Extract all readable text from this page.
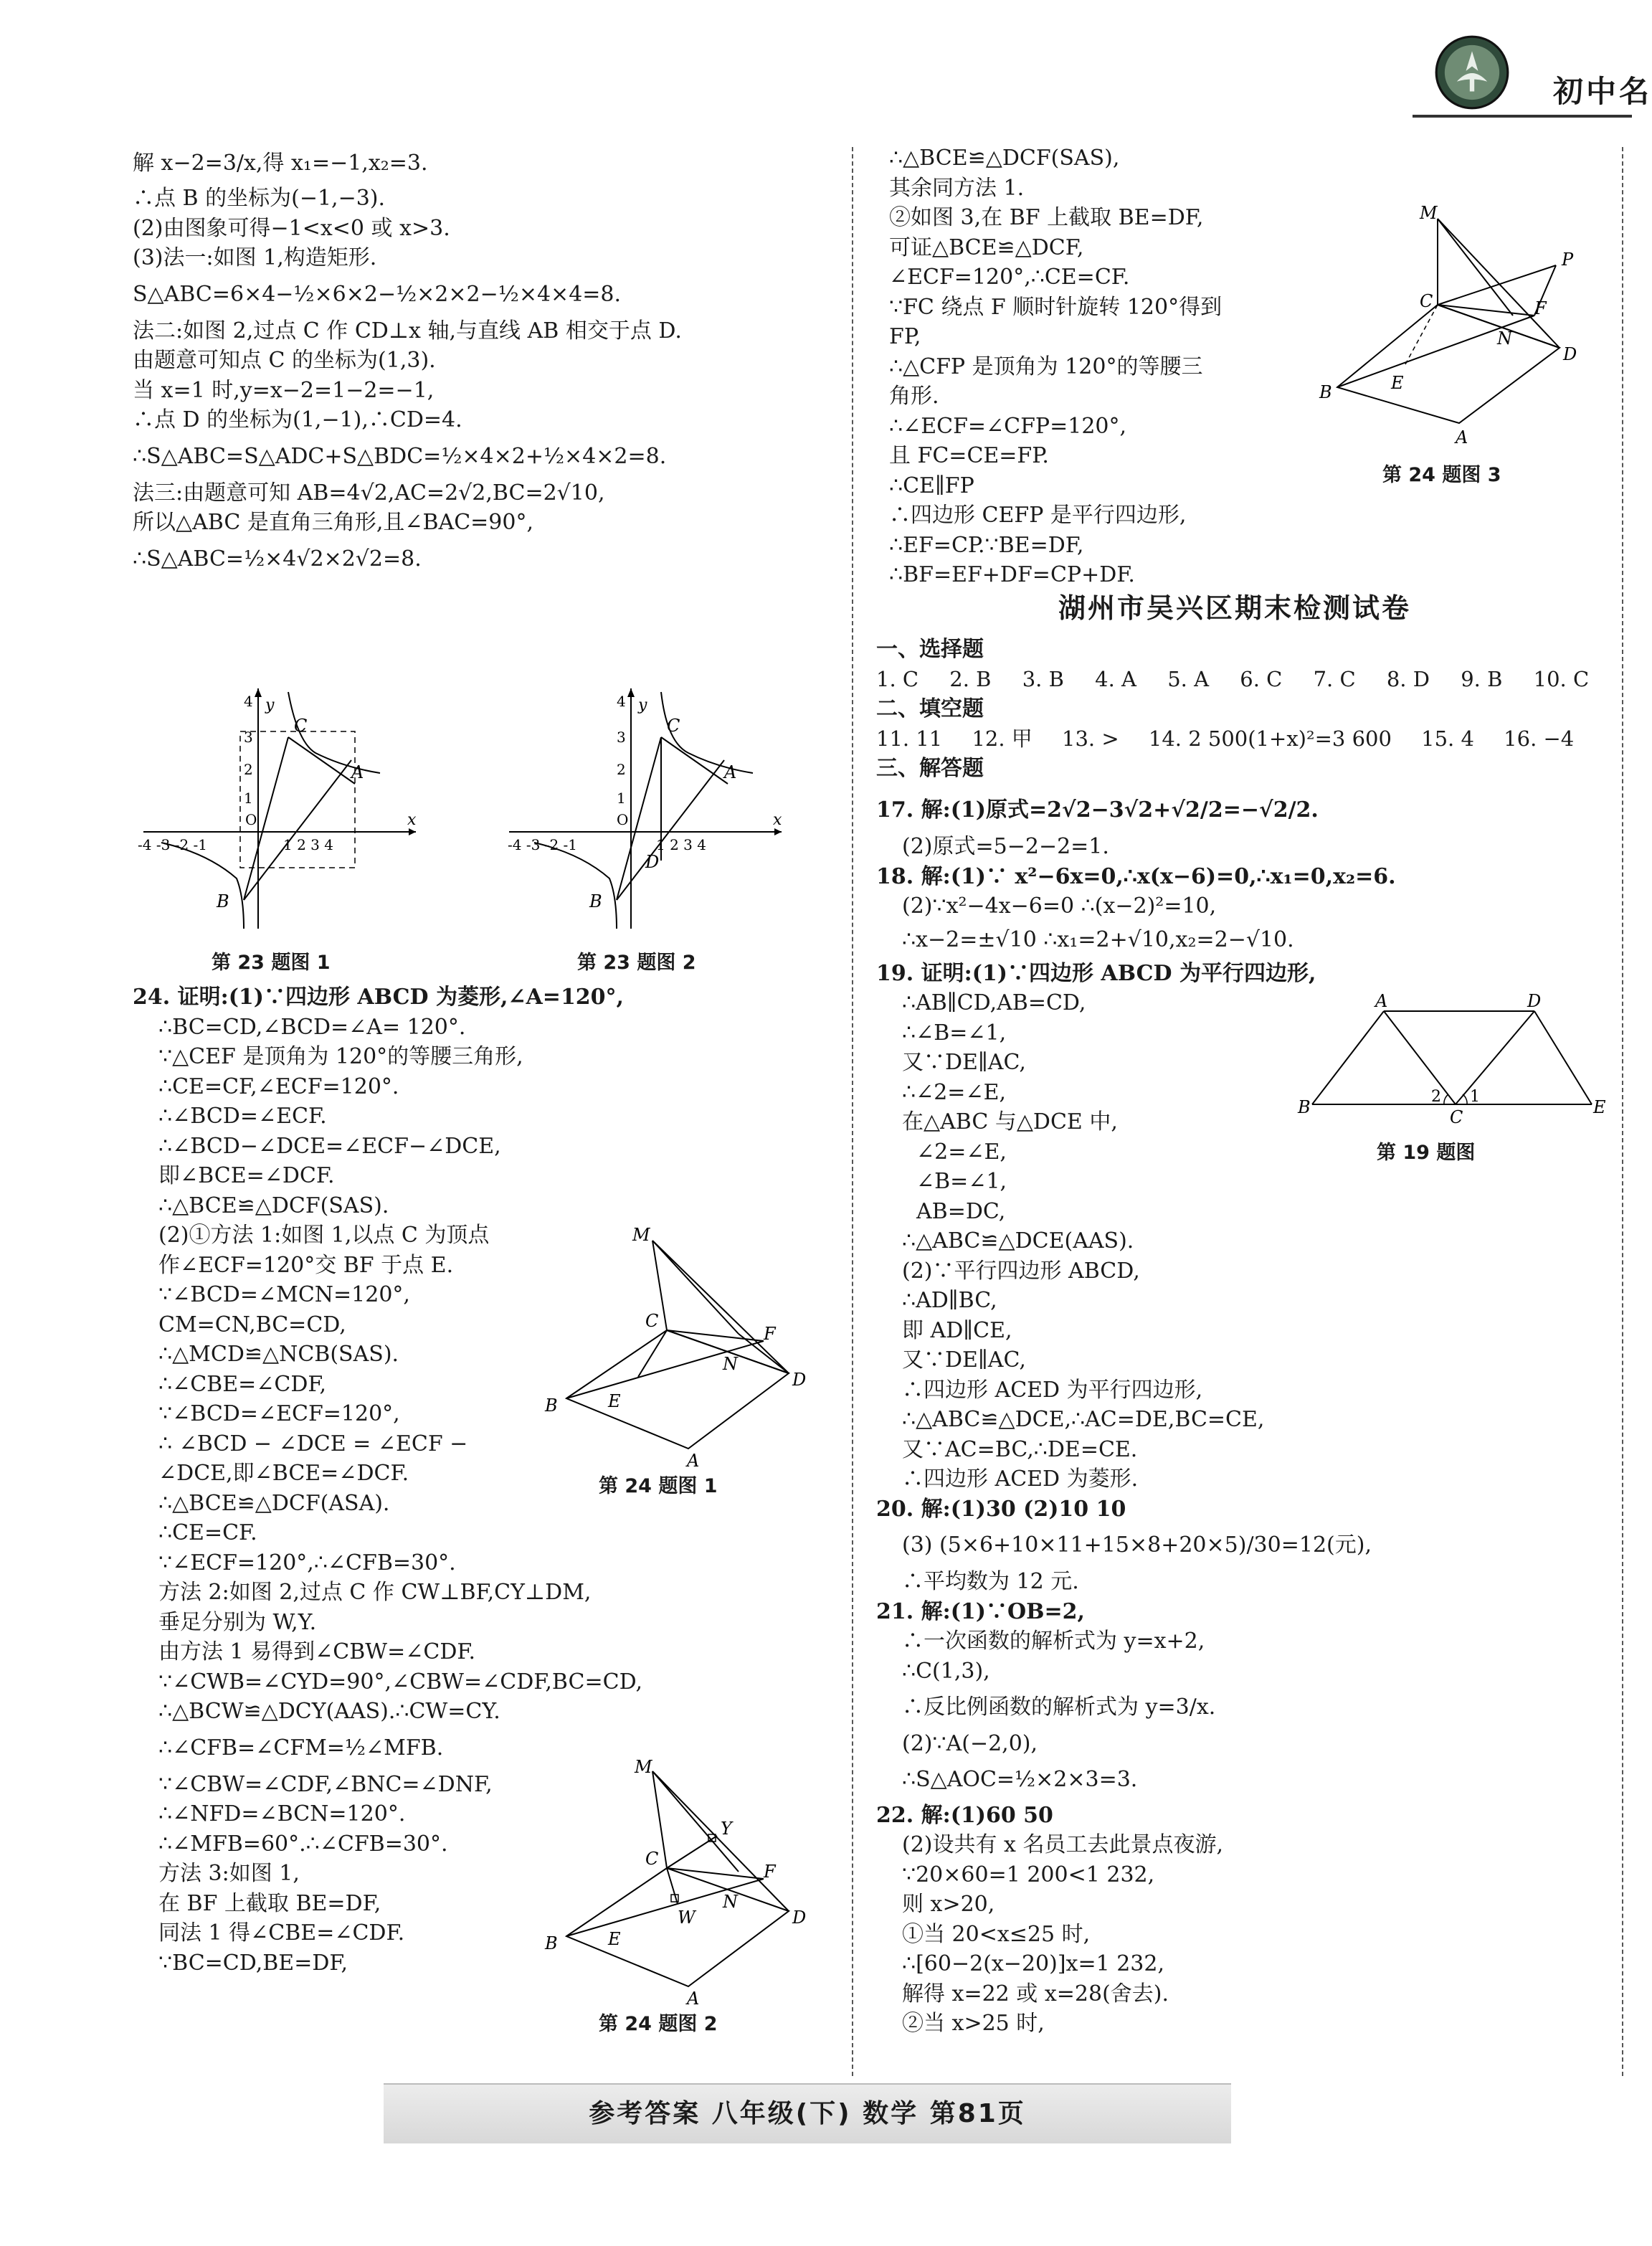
初中名
解 x−2=3/x,得 x₁=−1,x₂=3.
∴点 B 的坐标为(−1,−3).
(2)由图象可得−1<x<0 或 x>3.
(3)法一:如图 1,构造矩形.
S△ABC=6×4−½×6×2−½×2×2−½×4×4=8.
法二:如图 2,过点 C 作 CD⊥x 轴,与直线 AB 相交于点 D.
由题意可知点 C 的坐标为(1,3).
当 x=1 时,y=x−2=1−2=−1,
∴点 D 的坐标为(1,−1),∴CD=4.
∴S△ABC=S△ADC+S△BDC=½×4×2+½×4×2=8.
法三:由题意可知 AB=4√2,AC=2√2,BC=2√10,
所以△ABC 是直角三角形,且∠BAC=90°,
∴S△ABC=½×4√2×2√2=8.
y
x
C
A
B
O
-4 -3 -2 -1	1 2 3 4
4
3
2
1
第 23 题图 1
y
x
C
A
B
D
O
-4 -3 -2 -1	1 2 3 4
4
3
2
1
第 23 题图 2
24. 证明:(1)∵四边形 ABCD 为菱形,∠A=120°,
∴BC=CD,∠BCD=∠A= 120°.
∵△CEF 是顶角为 120°的等腰三角形,
∴CE=CF,∠ECF=120°.
∴∠BCD=∠ECF.
∴∠BCD−∠DCE=∠ECF−∠DCE,
即∠BCE=∠DCF.
∴△BCE≌△DCF(SAS).
(2)①方法 1:如图 1,以点 C 为顶点
作∠ECF=120°交 BF 于点 E.
∵∠BCD=∠MCN=120°,
CM=CN,BC=CD,
∴△MCD≌△NCB(SAS).
∴∠CBE=∠CDF,
∵∠BCD=∠ECF=120°,
∴ ∠BCD − ∠DCE = ∠ECF −
∠DCE,即∠BCE=∠DCF.
∴△BCE≌△DCF(ASA).
∴CE=CF.
∵∠ECF=120°,∴∠CFB=30°.
方法 2:如图 2,过点 C 作 CW⊥BF,CY⊥DM,
垂足分别为 W,Y.
由方法 1 易得到∠CBW=∠CDF.
∵∠CWB=∠CYD=90°,∠CBW=∠CDF,BC=CD,
∴△BCW≌△DCY(AAS).∴CW=CY.
∴∠CFB=∠CFM=½∠MFB.
∵∠CBW=∠CDF,∠BNC=∠DNF,
∴∠NFD=∠BCN=120°.
∴∠MFB=60°.∴∠CFB=30°.
方法 3:如图 1,
在 BF 上截取 BE=DF,
同法 1 得∠CBE=∠CDF.
∵BC=CD,BE=DF,
M
C
F
D
N
B	E
A
第 24 题图 1
M
C
Y
F
D
N
W
B	E
A
第 24 题图 2
∴△BCE≌△DCF(SAS),
其余同方法 1.
②如图 3,在 BF 上截取 BE=DF,
可证△BCE≌△DCF,
∠ECF=120°,∴CE=CF.
∵FC 绕点 F 顺时针旋转 120°得到
FP,
∴△CFP 是顶角为 120°的等腰三
角形.
∴∠ECF=∠CFP=120°,
且 FC=CE=FP.
∴CE∥FP
∴四边形 CEFP 是平行四边形,
∴EF=CP.∵BE=DF,
∴BF=EF+DF=CP+DF.
M
P
C	F
D
N
B	E
A
第 24 题图 3
湖州市吴兴区期末检测试卷
一、选择题
1. C 2. B 3. B 4. A 5. A 6. C 7. C 8. D 9. B 10. C
二、填空题
11. 11 12. 甲 13. > 14. 2 500(1+x)²=3 600 15. 4 16. −4
三、解答题
17. 解:(1)原式=2√2−3√2+√2/2=−√2/2.
(2)原式=5−2−2=1.
18. 解:(1)∵ x²−6x=0,∴x(x−6)=0,∴x₁=0,x₂=6.
(2)∵x²−4x−6=0 ∴(x−2)²=10,
∴x−2=±√10 ∴x₁=2+√10,x₂=2−√10.
19. 证明:(1)∵四边形 ABCD 为平行四边形,
∴AB∥CD,AB=CD,
∴∠B=∠1,
又∵DE∥AC,
∴∠2=∠E,
在△ABC 与△DCE 中,
∠2=∠E,
∠B=∠1,
AB=DC,
∴△ABC≌△DCE(AAS).
(2)∵平行四边形 ABCD,
∴AD∥BC,
即 AD∥CE,
又∵DE∥AC,
∴四边形 ACED 为平行四边形,
∴△ABC≌△DCE,∴AC=DE,BC=CE,
又∵AC=BC,∴DE=CE.
∴四边形 ACED 为菱形.
20. 解:(1)30 (2)10 10
(3) (5×6+10×11+15×8+20×5)/30=12(元),
∴平均数为 12 元.
21. 解:(1)∵OB=2,
∴一次函数的解析式为 y=x+2,
∴C(1,3),
∴反比例函数的解析式为 y=3/x.
(2)∵A(−2,0),
∴S△AOC=½×2×3=3.
22. 解:(1)60 50
(2)设共有 x 名员工去此景点夜游,
∵20×60=1 200<1 232,
则 x>20,
①当 20<x≤25 时,
∴[60−2(x−20)]x=1 232,
解得 x=22 或 x=28(舍去).
②当 x>25 时,
A	D
B	C	E
2 1
第 19 题图
参考答案 八年级(下) 数学 第81页
